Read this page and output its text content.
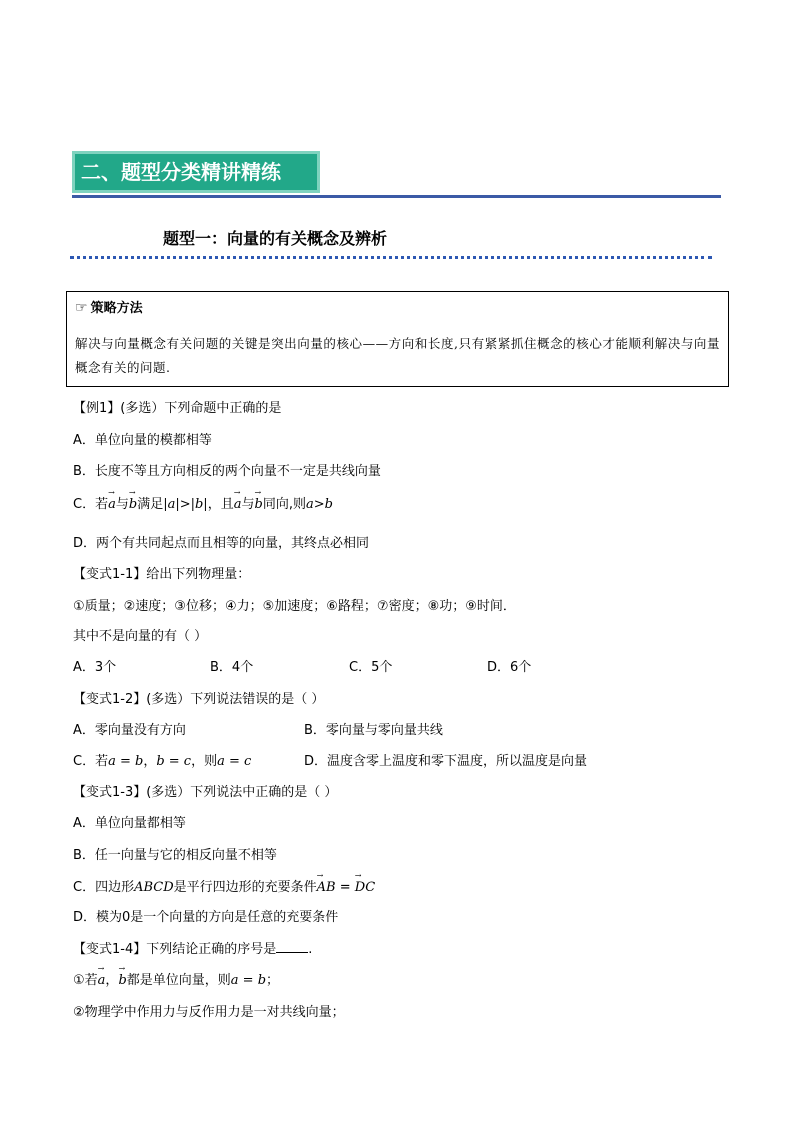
二、题型分类精讲精练
题型一：向量的有关概念及辨析
☞ 策略方法
解决与向量概念有关问题的关键是突出向量的核心——方向和长度,只有紧紧抓住概念的核心才能顺利解决与向量概念有关的问题.
【例1】(多选）下列命题中正确的是
A．单位向量的模都相等
B．长度不等且方向相反的两个向量不一定是共线向量
C．若→ a与→ b满足|a|>|b|，且→ a与→ b同向,则a>b
D．两个有共同起点而且相等的向量，其终点必相同
【变式1-1】给出下列物理量：
①质量；②速度；③位移；④力；⑤加速度；⑥路程；⑦密度；⑧功；⑨时间．
其中不是向量的有（ ）
A．3个	B．4个	C．5个	D．6个
【变式1-2】(多选）下列说法错误的是（ ）
A．零向量没有方向	B．零向量与零向量共线
C．若a = b，b = c，则a = c	D．温度含零上温度和零下温度，所以温度是向量
【变式1-3】(多选）下列说法中正确的是（ ）
A．单位向量都相等
B．任一向量与它的相反向量不相等
C．四边形ABCD是平行四边形的充要条件→ AB = → DC
D．模为0是一个向量的方向是任意的充要条件
【变式1-4】下列结论正确的序号是 .
①若→ a，→ b都是单位向量，则a = b；
②物理学中作用力与反作用力是一对共线向量；
